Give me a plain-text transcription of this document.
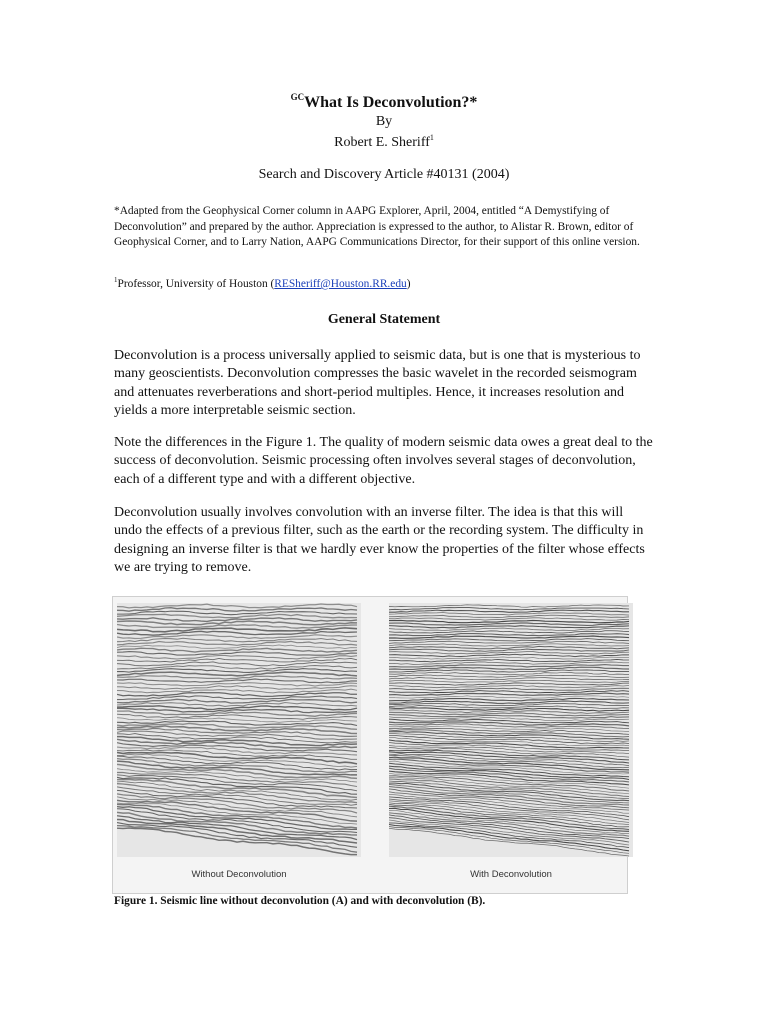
$^{GC}$What Is Deconvolution?*
By
Robert E. Sheriff$^1$
Search and Discovery Article #40131 (2004)
*Adapted from the Geophysical Corner column in AAPG Explorer, April, 2004, entitled “A Demystifying of Deconvolution” and prepared by the author. Appreciation is expressed to the author, to Alistar R. Brown, editor of Geophysical Corner, and to Larry Nation, AAPG Communications Director, for their support of this online version.
$^1$Professor, University of Houston (RESheriff@Houston.RR.edu)
General Statement

Deconvolution is a process universally applied to seismic data, but is one that is mysterious to many geoscientists. Deconvolution compresses the basic wavelet in the recorded seismogram and attenuates reverberations and short-period multiples. Hence, it increases resolution and yields a more interpretable seismic section.

Note the differences in the Figure 1. The quality of modern seismic data owes a great deal to the success of deconvolution. Seismic processing often involves several stages of deconvolution, each of a different type and with a different objective.

Deconvolution usually involves convolution with an inverse filter. The idea is that this will undo the effects of a previous filter, such as the earth or the recording system. The difficulty in designing an inverse filter is that we hardly ever know the properties of the filter whose effects we are trying to remove.

Without Deconvolution	With Deconvolution
Figure 1. Seismic line without deconvolution (A) and with deconvolution (B).
